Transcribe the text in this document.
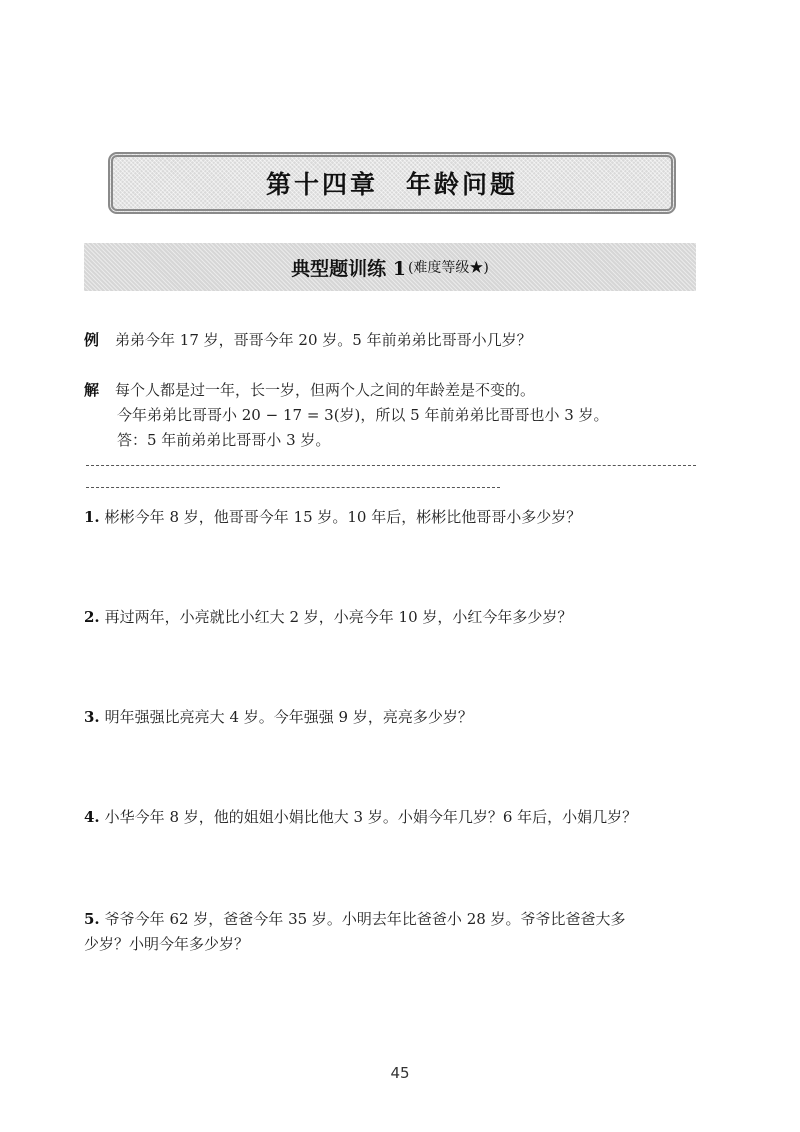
第十四章　年龄问题
典型题训练 1 (难度等级★)
例 弟弟今年 17 岁，哥哥今年 20 岁。5 年前弟弟比哥哥小几岁？
解 每个人都是过一年，长一岁，但两个人之间的年龄差是不变的。
今年弟弟比哥哥小 20 − 17 = 3(岁)，所以 5 年前弟弟比哥哥也小 3 岁。
答：5 年前弟弟比哥哥小 3 岁。
1. 彬彬今年 8 岁，他哥哥今年 15 岁。10 年后，彬彬比他哥哥小多少岁？
2. 再过两年，小亮就比小红大 2 岁，小亮今年 10 岁，小红今年多少岁？
3. 明年强强比亮亮大 4 岁。今年强强 9 岁，亮亮多少岁？
4. 小华今年 8 岁，他的姐姐小娟比他大 3 岁。小娟今年几岁？6 年后，小娟几岁？
5. 爷爷今年 62 岁，爸爸今年 35 岁。小明去年比爸爸小 28 岁。爷爷比爸爸大多
少岁？小明今年多少岁？
45
